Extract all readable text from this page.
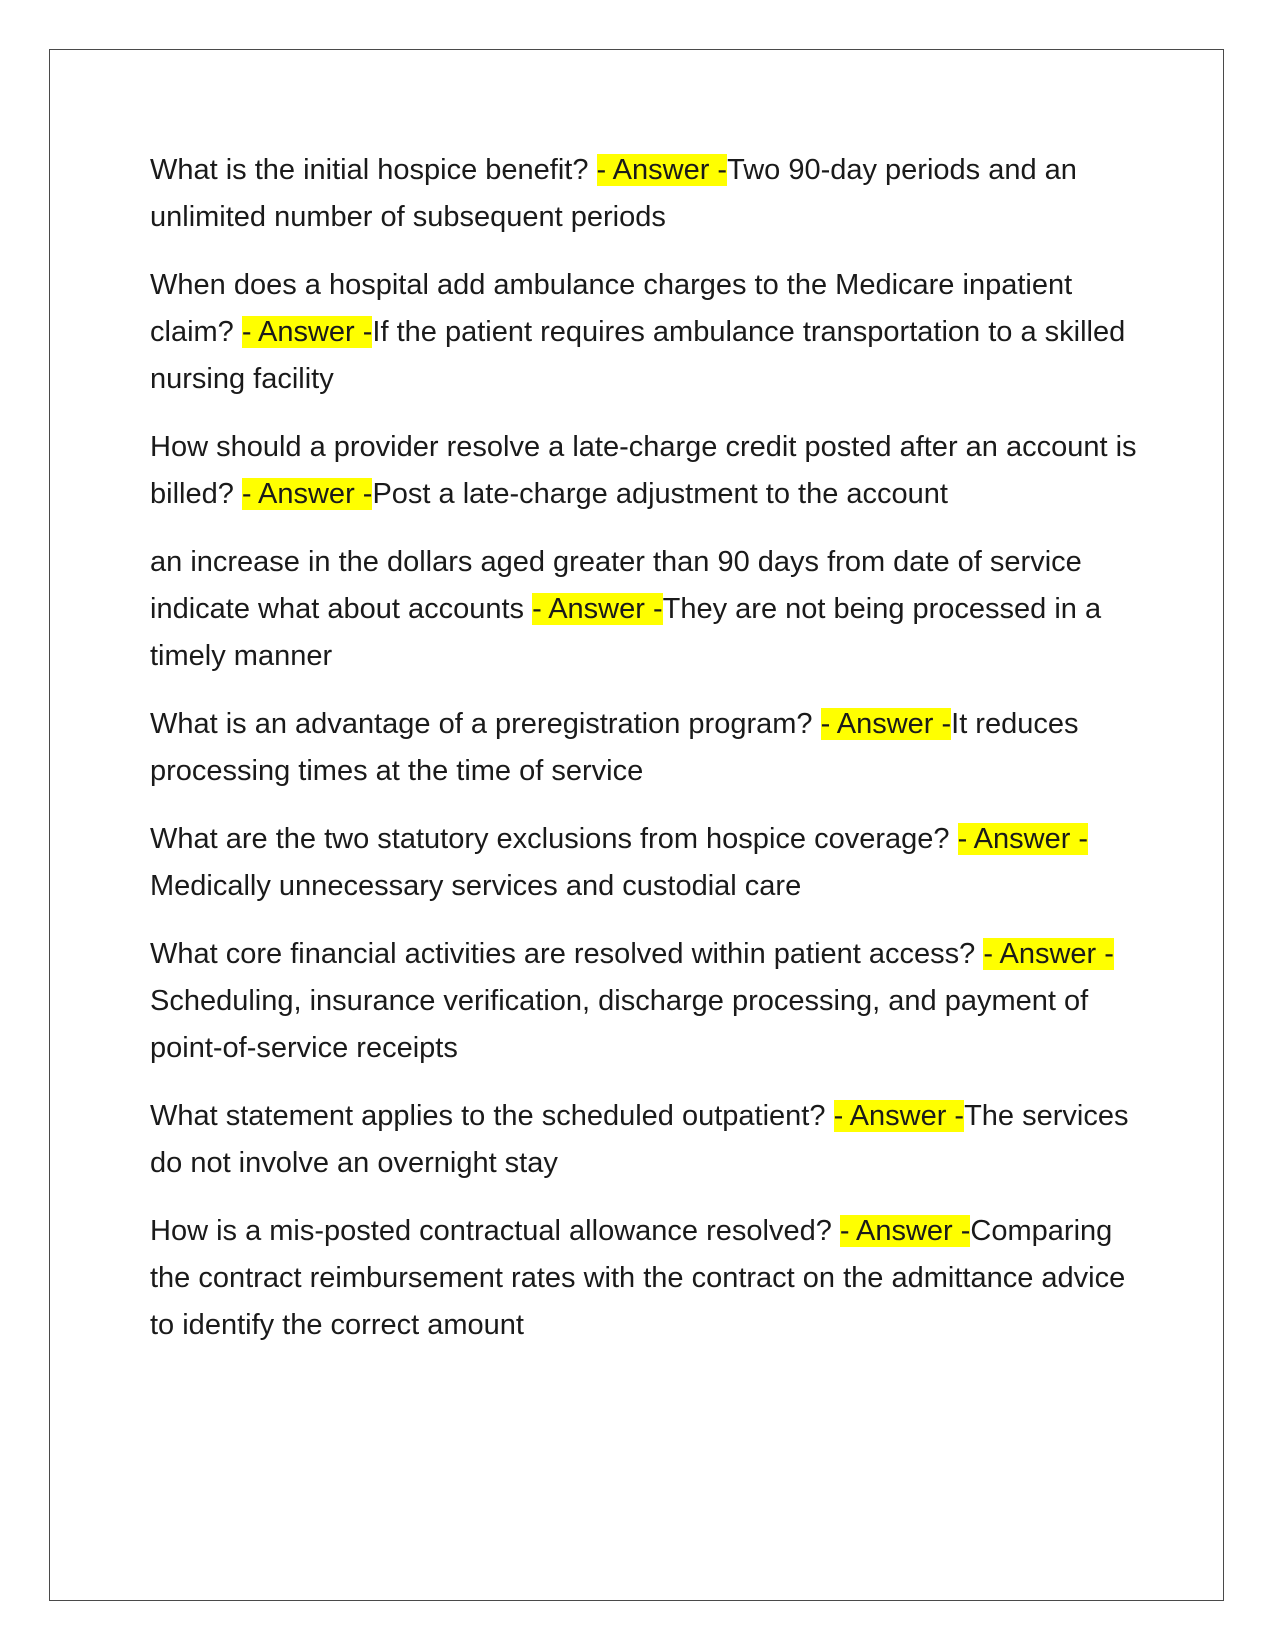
What is the initial hospice benefit? - Answer -Two 90-day periods and an unlimited number of subsequent periods

When does a hospital add ambulance charges to the Medicare inpatient claim? - Answer -If the patient requires ambulance transportation to a skilled nursing facility

How should a provider resolve a late-charge credit posted after an account is billed? - Answer -Post a late-charge adjustment to the account

an increase in the dollars aged greater than 90 days from date of service indicate what about accounts - Answer -They are not being processed in a timely manner

What is an advantage of a preregistration program? - Answer -It reduces processing times at the time of service

What are the two statutory exclusions from hospice coverage? - Answer -Medically unnecessary services and custodial care

What core financial activities are resolved within patient access? - Answer -Scheduling, insurance verification, discharge processing, and payment of point-of-service receipts

What statement applies to the scheduled outpatient? - Answer -The services do not involve an overnight stay

How is a mis-posted contractual allowance resolved? - Answer -Comparing the contract reimbursement rates with the contract on the admittance advice to identify the correct amount
